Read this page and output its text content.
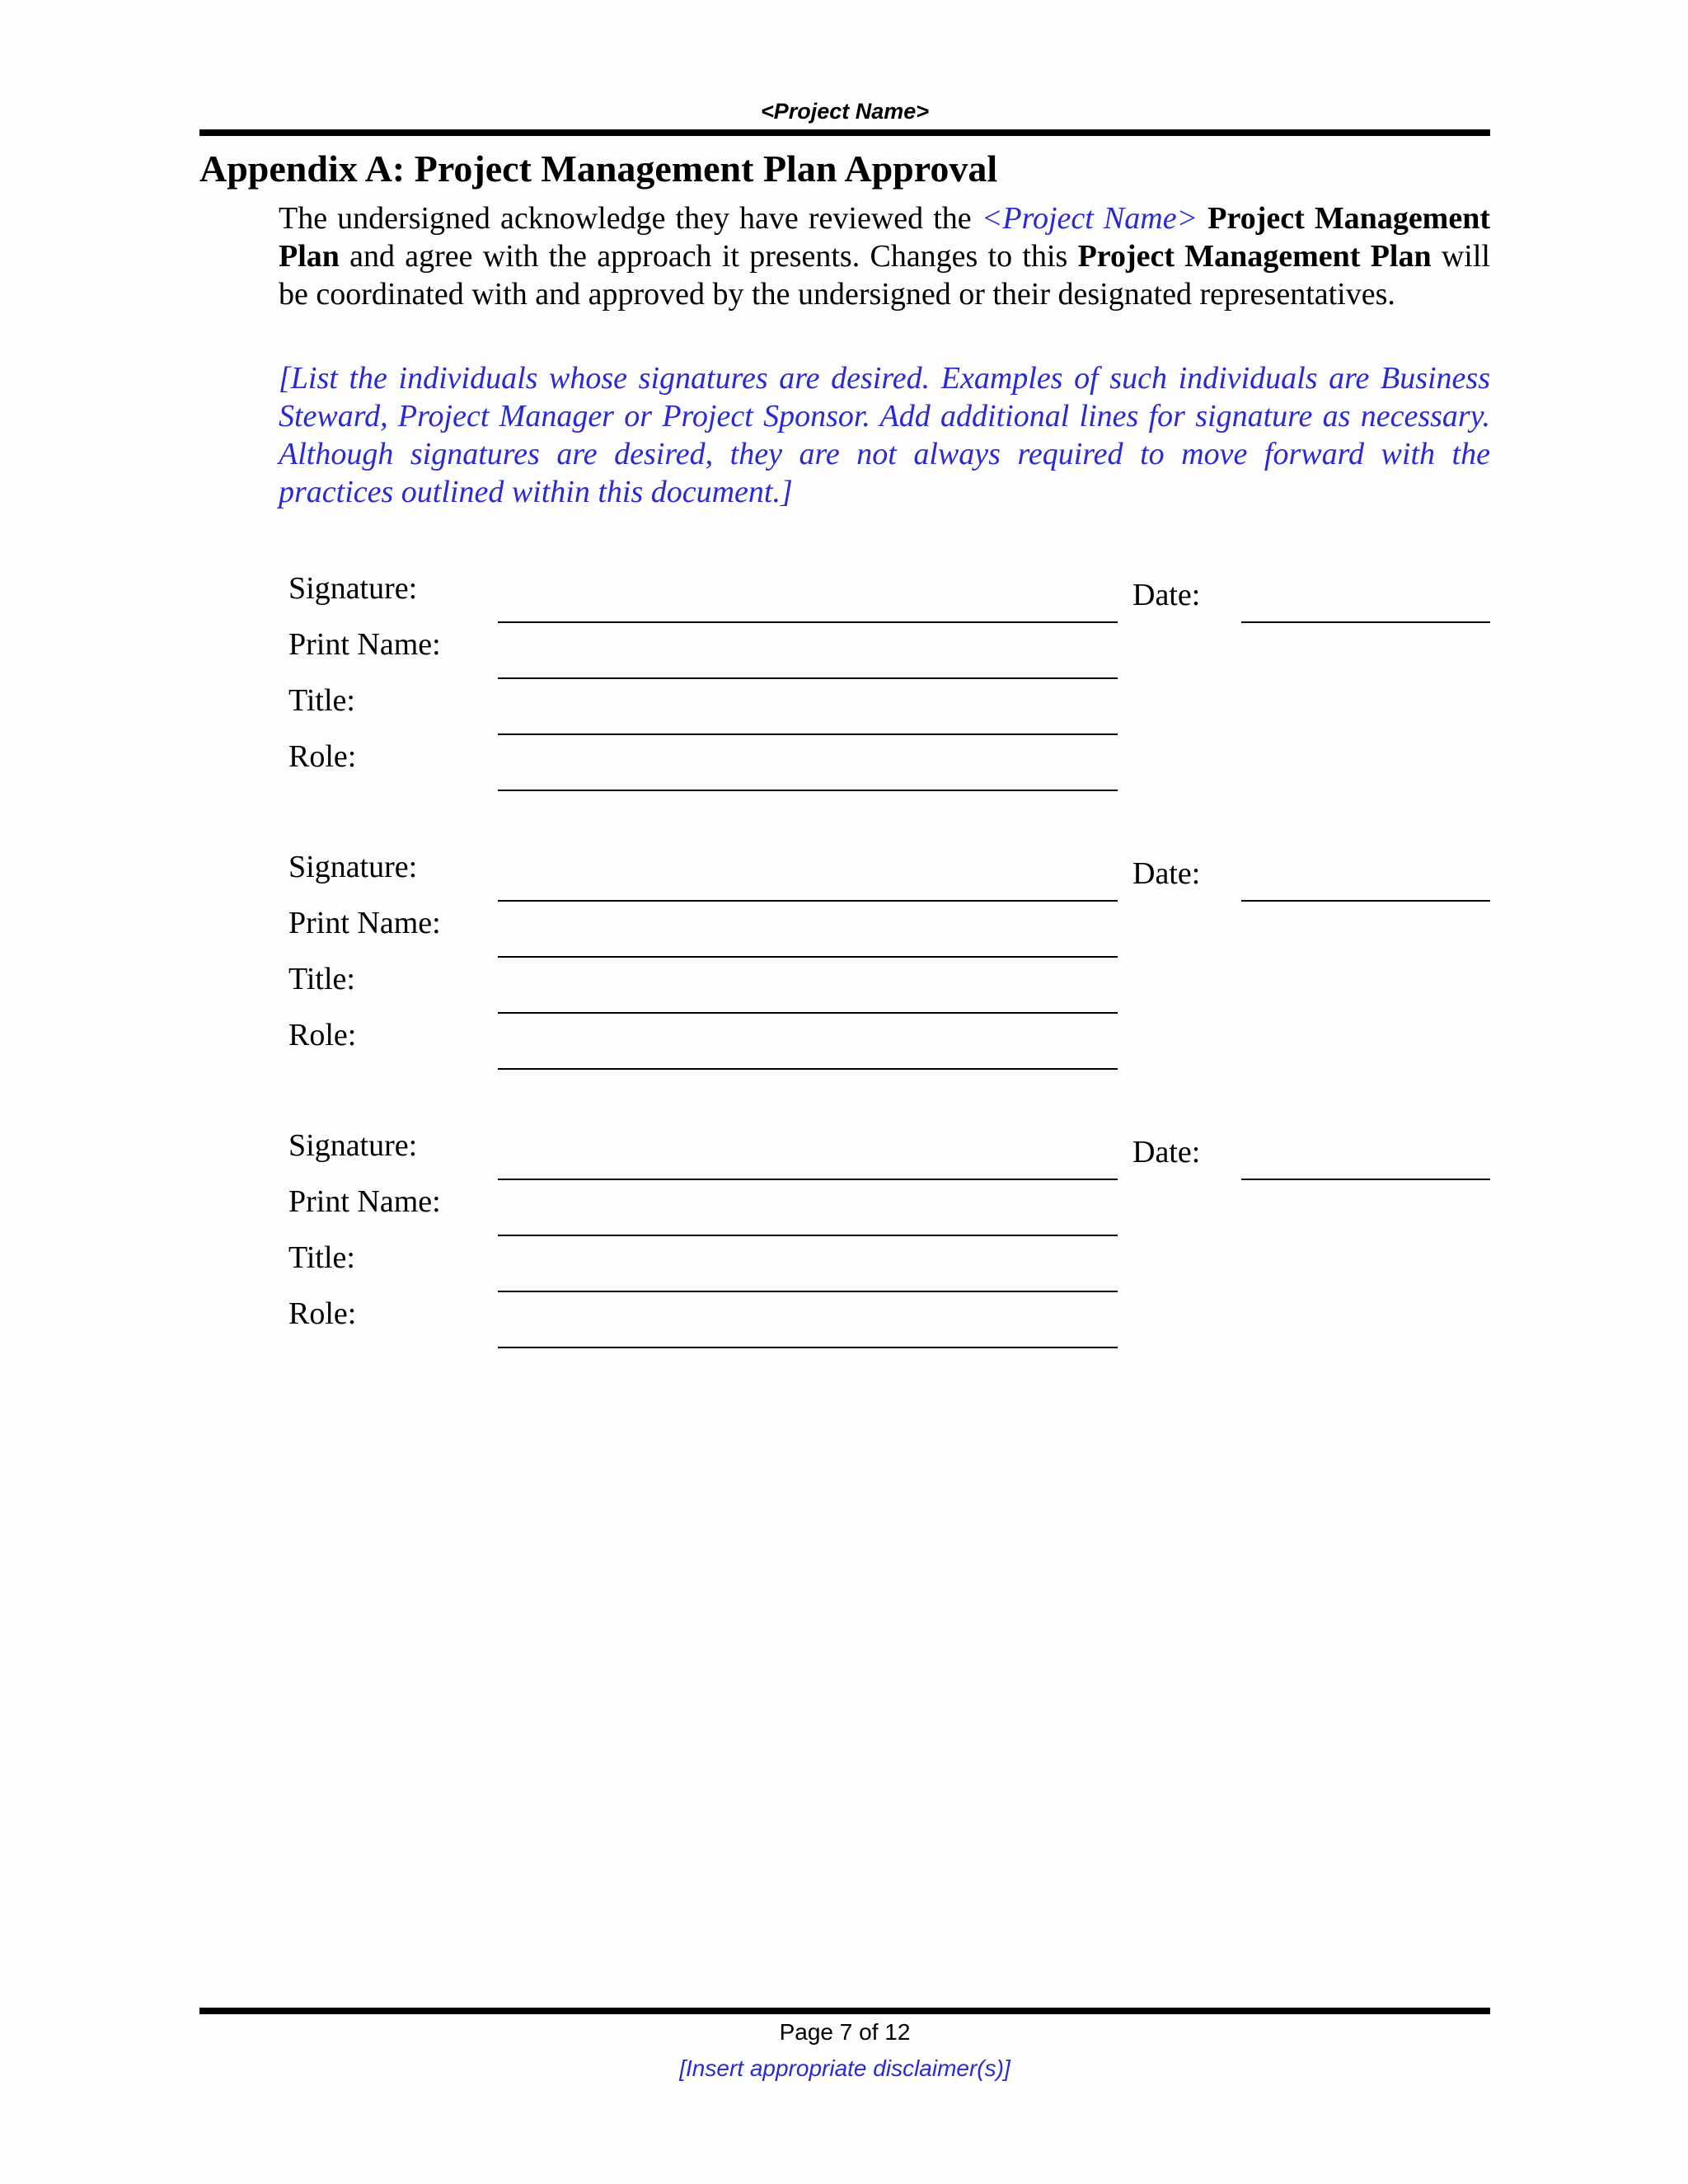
<Project Name>
Appendix A: Project Management Plan Approval

The undersigned acknowledge they have reviewed the <Project Name> Project Management Plan and agree with the approach it presents. Changes to this Project Management Plan will be coordinated with and approved by the undersigned or their designated representatives.

[List the individuals whose signatures are desired. Examples of such individuals are Business Steward, Project Manager or Project Sponsor. Add additional lines for signature as necessary. Although signatures are desired, they are not always required to move forward with the practices outlined within this document.]

Signature:	Date:
Print Name:
Title:
Role:
Signature:	Date:
Print Name:
Title:
Role:
Signature:	Date:
Print Name:
Title:
Role:
Page 7 of 12
[Insert appropriate disclaimer(s)]
